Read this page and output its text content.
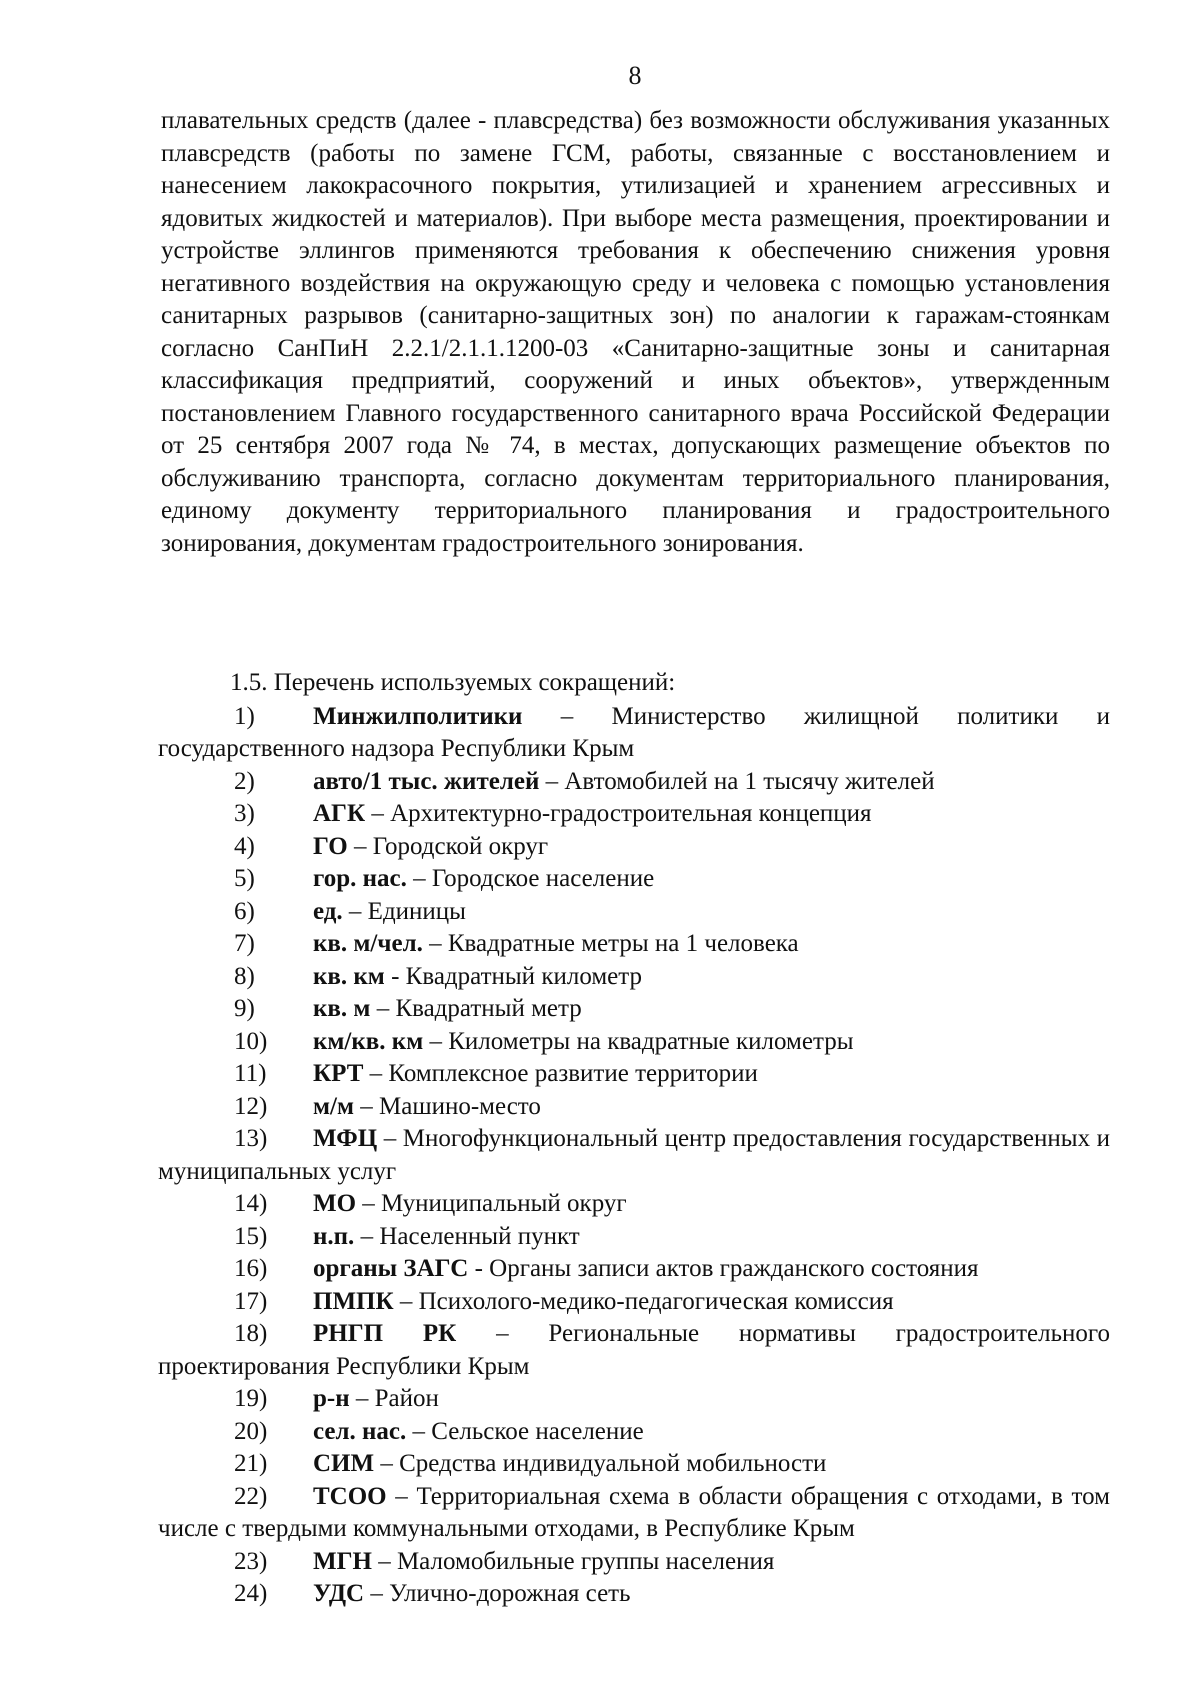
8
плавательных средств (далее - плавсредства) без возможности обслуживания указанных плавсредств (работы по замене ГСМ, работы, связанные с восстановлением и нанесением лакокрасочного покрытия, утилизацией и хранением агрессивных и ядовитых жидкостей и материалов). При выборе места размещения, проектировании и устройстве эллингов применяются требования к обеспечению снижения уровня негативного воздействия на окружающую среду и человека с помощью установления санитарных разрывов (санитарно-защитных зон) по аналогии к гаражам-стоянкам согласно СанПиН 2.2.1/2.1.1.1200-03 «Санитарно-защитные зоны и санитарная классификация предприятий, сооружений и иных объектов», утвержденным постановлением Главного государственного санитарного врача Российской Федерации от 25 сентября 2007 года № 74, в местах, допускающих размещение объектов по обслуживанию транспорта, согласно документам территориального планирования, единому документу территориального планирования и градостроительного зонирования, документам градостроительного зонирования.
1.5. Перечень используемых сокращений:
1) Минжилполитики – Министерство жилищной политики и государственного надзора Республики Крым
2) авто/1 тыс. жителей – Автомобилей на 1 тысячу жителей
3) АГК – Архитектурно-градостроительная концепция
4) ГО – Городской округ
5) гор. нас. – Городское население
6) ед. – Единицы
7) кв. м/чел. – Квадратные метры на 1 человека
8) кв. км - Квадратный километр
9) кв. м – Квадратный метр
10) км/кв. км – Километры на квадратные километры
11) КРТ – Комплексное развитие территории
12) м/м – Машино-место
13) МФЦ – Многофункциональный центр предоставления государственных и муниципальных услуг
14) МО – Муниципальный округ
15) н.п. – Населенный пункт
16) органы ЗАГС - Органы записи актов гражданского состояния
17) ПМПК – Психолого-медико-педагогическая комиссия
18) РНГП РК – Региональные нормативы градостроительного проектирования Республики Крым
19) р-н – Район
20) сел. нас. – Сельское население
21) СИМ – Средства индивидуальной мобильности
22) ТСОО – Территориальная схема в области обращения с отходами, в том числе с твердыми коммунальными отходами, в Республике Крым
23) МГН – Маломобильные группы населения
24) УДС – Улично-дорожная сеть
